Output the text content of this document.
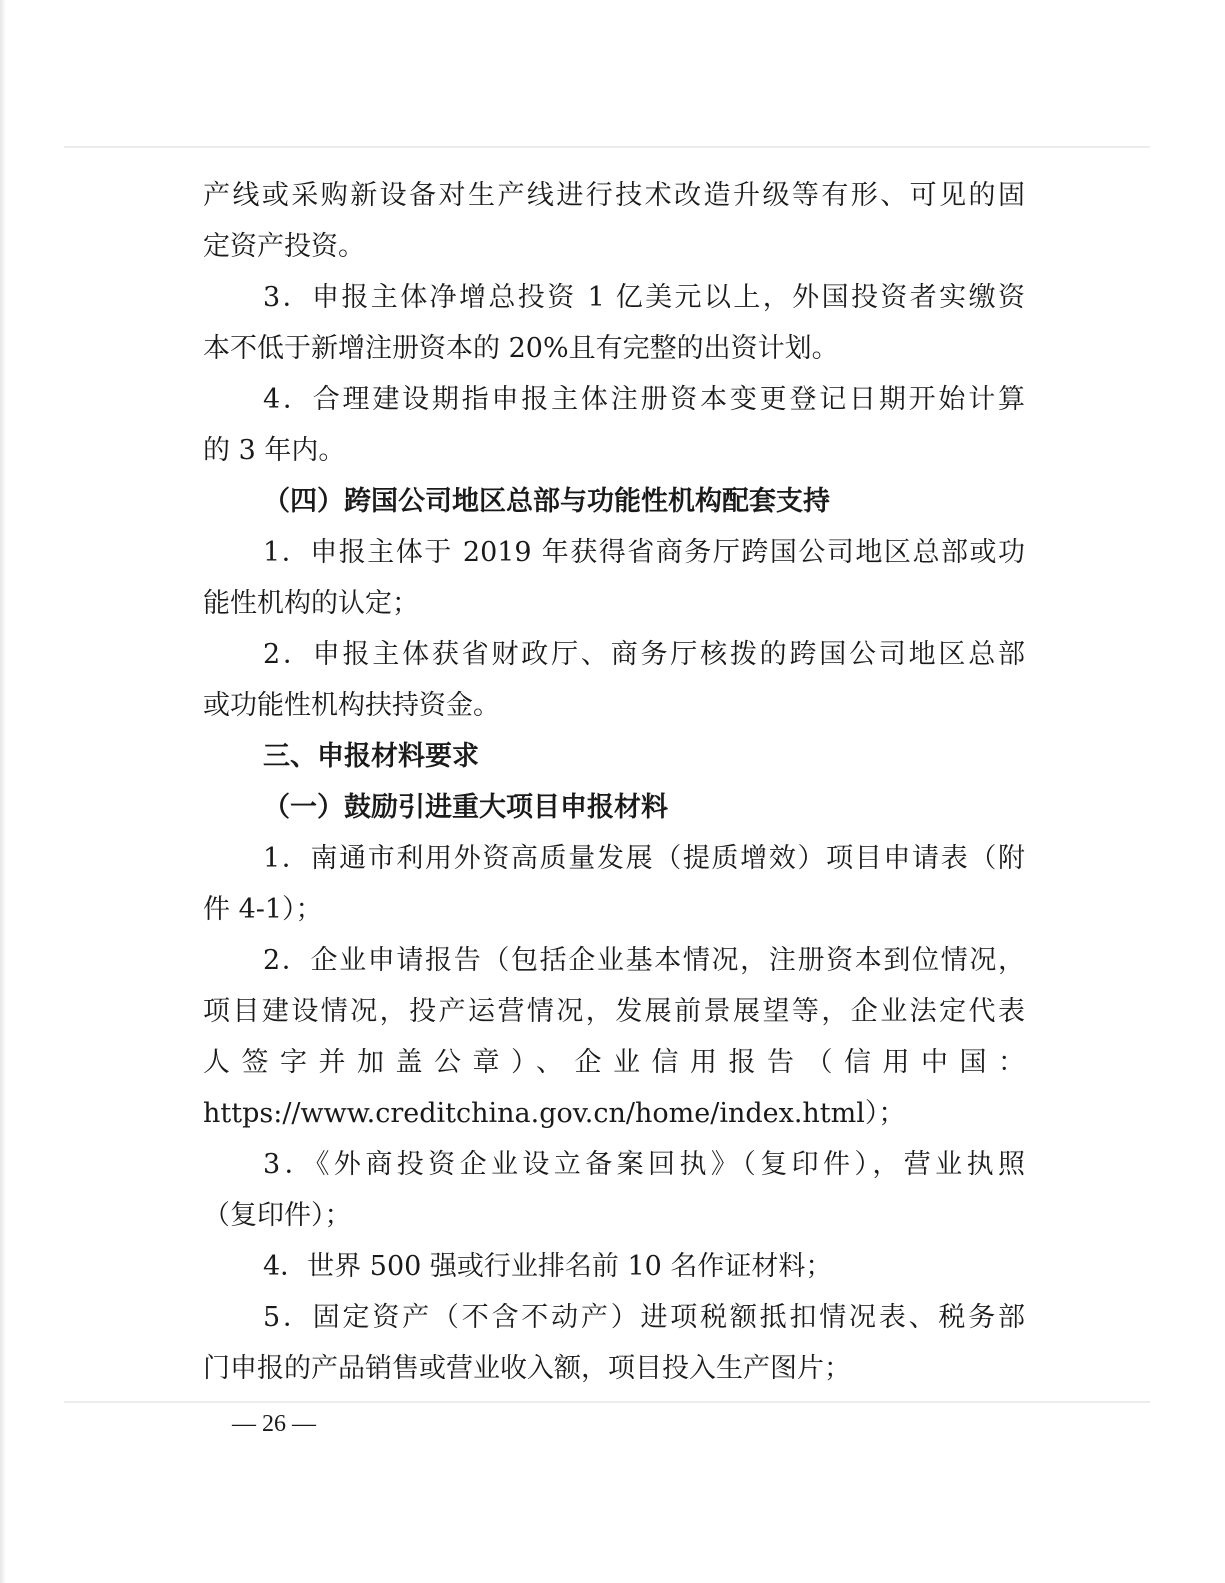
产线或采购新设备对生产线进行技术改造升级等有形、可见的固
定资产投资。
3．申报主体净增总投资 1 亿美元以上，外国投资者实缴资
本不低于新增注册资本的 20%且有完整的出资计划。
4．合理建设期指申报主体注册资本变更登记日期开始计算
的 3 年内。
（四）跨国公司地区总部与功能性机构配套支持
1．申报主体于 2019 年获得省商务厅跨国公司地区总部或功
能性机构的认定；
2．申报主体获省财政厅、商务厅核拨的跨国公司地区总部
或功能性机构扶持资金。
三、申报材料要求
（一）鼓励引进重大项目申报材料
1．南通市利用外资高质量发展（提质增效）项目申请表（附
件 4-1）；
2．企业申请报告（包括企业基本情况，注册资本到位情况，
项目建设情况，投产运营情况，发展前景展望等，企业法定代表
人签字并加盖公章）、企业信用报告（信用中国：
https://www.creditchina.gov.cn/home/index.html）；
3．《外商投资企业设立备案回执》（复印件），营业执照
（复印件）；
4．世界 500 强或行业排名前 10 名作证材料；
5．固定资产（不含不动产）进项税额抵扣情况表、税务部
门申报的产品销售或营业收入额，项目投入生产图片；
— 26 —
